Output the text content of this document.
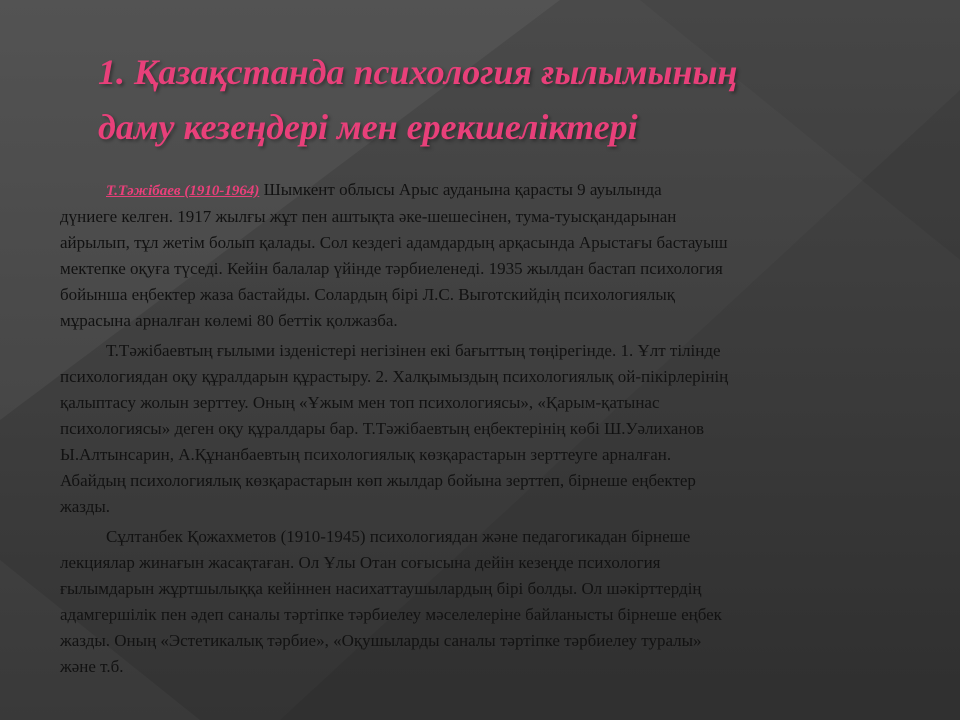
1. Қазақстанда психология ғылымының
даму кезеңдері мен ерекшеліктері
Т.Тәжібаев (1910-1964) Шымкент облысы Арыс ауданына қарасты 9 ауылында
дүниеге келген. 1917 жылғы жұт пен аштықта әке-шешесінен, тума-туысқандарынан
айрылып, тұл жетім болып қалады. Сол кездегі адамдардың арқасында Арыстағы бастауыш
мектепке оқуға түседі. Кейін балалар үйінде тәрбиеленеді. 1935 жылдан бастап психология
бойынша еңбектер жаза бастайды. Солардың бірі Л.С. Выготскийдің психологиялық
мұрасына арналған көлемі 80 беттік қолжазба.
Т.Тәжібаевтың ғылыми ізденістері негізінен екі бағыттың төңірегінде. 1. Ұлт тілінде
психологиядан оқу құралдарын құрастыру. 2. Халқымыздың психологиялық ой-пікірлерінің
қалыптасу жолын зерттеу. Оның «Ұжым мен топ психологиясы», «Қарым-қатынас
психологиясы» деген оқу құралдары бар. Т.Тәжібаевтың еңбектерінің көбі Ш.Уәлиханов
Ы.Алтынсарин, А.Құнанбаевтың психологиялық көзқарастарын зерттеуге арналған.
Абайдың психологиялық көзқарастарын көп жылдар бойына зерттеп, бірнеше еңбектер
жазды.
Сұлтанбек Қожахметов (1910-1945) психологиядан және педагогикадан бірнеше
лекциялар жинағын жасақтаған. Ол Ұлы Отан соғысына дейін кезеңде психология
ғылымдарын жұртшылыққа кейіннен насихаттаушылардың бірі болды. Ол шәкірттердің
адамгершілік пен әдеп саналы тәртіпке тәрбиелеу мәселелеріне байланысты бірнеше еңбек
жазды. Оның «Эстетикалық тәрбие», «Оқушыларды саналы тәртіпке тәрбиелеу туралы»
және т.б.
